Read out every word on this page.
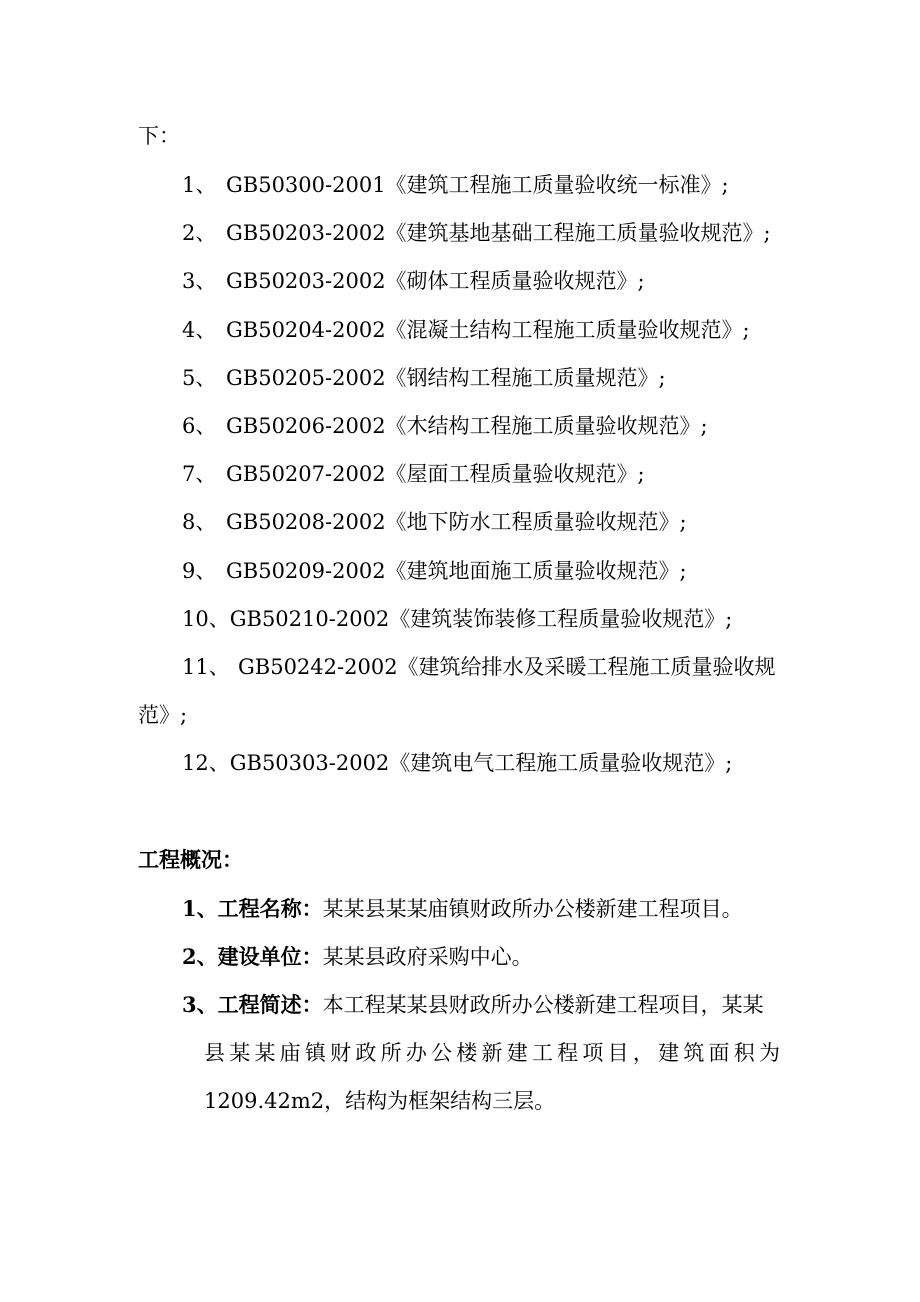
下：
1、 GB50300-2001《建筑工程施工质量验收统一标准》;
2、 GB50203-2002《建筑基地基础工程施工质量验收规范》;
3、 GB50203-2002《砌体工程质量验收规范》;
4、 GB50204-2002《混凝土结构工程施工质量验收规范》;
5、 GB50205-2002《钢结构工程施工质量规范》;
6、 GB50206-2002《木结构工程施工质量验收规范》;
7、 GB50207-2002《屋面工程质量验收规范》;
8、 GB50208-2002《地下防水工程质量验收规范》;
9、 GB50209-2002《建筑地面施工质量验收规范》;
10、GB50210-2002《建筑装饰装修工程质量验收规范》;
11、 GB50242-2002《建筑给排水及采暖工程施工质量验收规
范》;
12、GB50303-2002《建筑电气工程施工质量验收规范》;
工程概况：
1、工程名称：某某县某某庙镇财政所办公楼新建工程项目。
2、建设单位：某某县政府采购中心。
3、工程简述：本工程某某县财政所办公楼新建工程项目，某某
县某某庙镇财政所办公楼新建工程项目，建筑面积为
1209.42m2，结构为框架结构三层。
